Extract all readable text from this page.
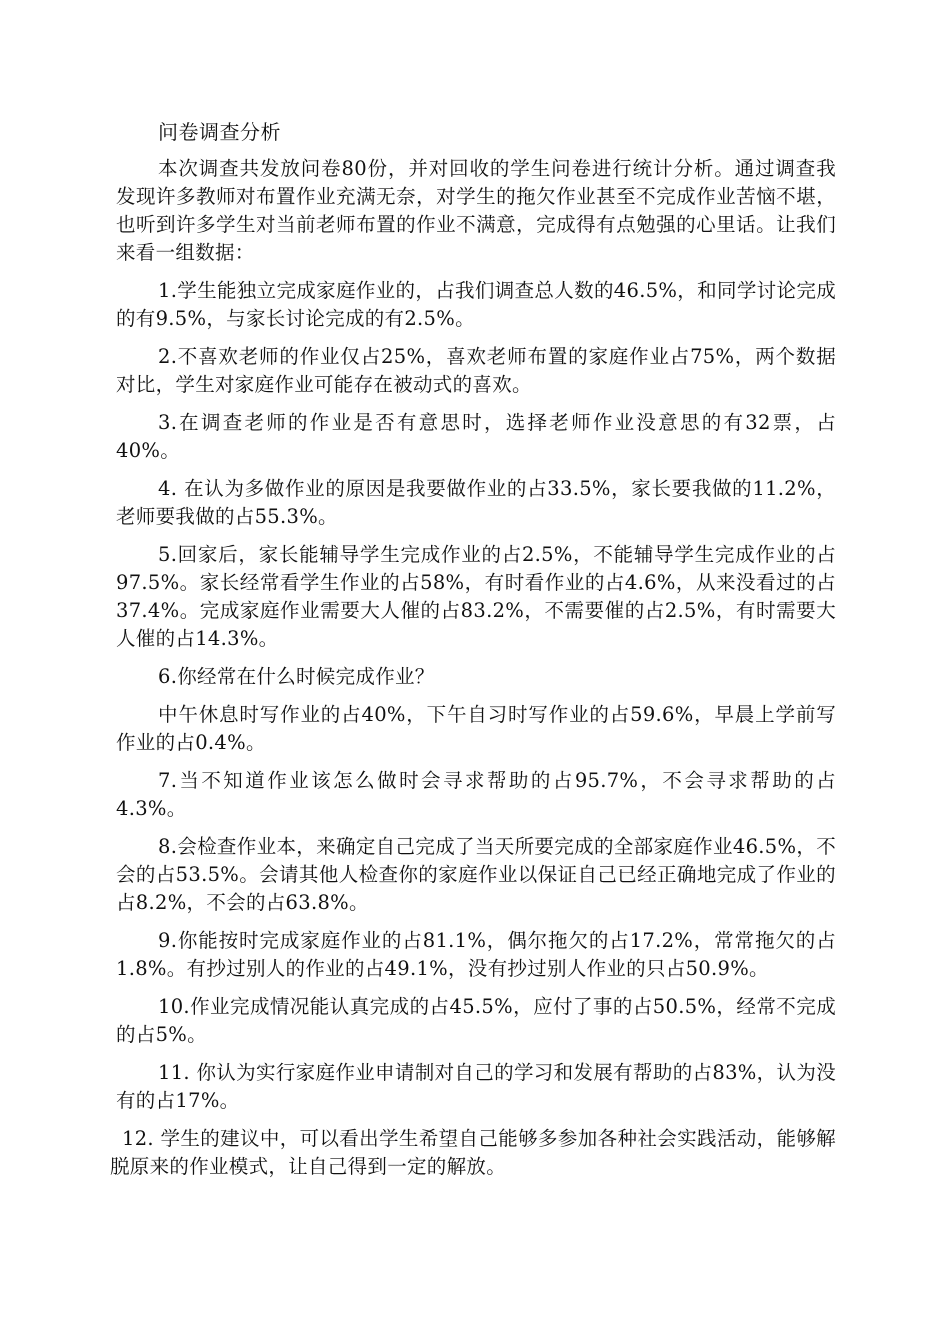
问卷调查分析

本次调查共发放问卷80份，并对回收的学生问卷进行统计分析。通过调查我发现许多教师对布置作业充满无奈，对学生的拖欠作业甚至不完成作业苦恼不堪，也听到许多学生对当前老师布置的作业不满意，完成得有点勉强的心里话。让我们来看一组数据：

1.学生能独立完成家庭作业的，占我们调查总人数的46.5%，和同学讨论完成的有9.5%，与家长讨论完成的有2.5%。

2.不喜欢老师的作业仅占25%，喜欢老师布置的家庭作业占75%，两个数据对比，学生对家庭作业可能存在被动式的喜欢。

3.在调查老师的作业是否有意思时，选择老师作业没意思的有32票，占40%。

4. 在认为多做作业的原因是我要做作业的占33.5%，家长要我做的11.2%，老师要我做的占55.3%。

5.回家后，家长能辅导学生完成作业的占2.5%，不能辅导学生完成作业的占97.5%。家长经常看学生作业的占58%，有时看作业的占4.6%，从来没看过的占37.4%。完成家庭作业需要大人催的占83.2%，不需要催的占2.5%，有时需要大人催的占14.3%。

6.你经常在什么时候完成作业？

中午休息时写作业的占40%，下午自习时写作业的占59.6%，早晨上学前写作业的占0.4%。

7.当不知道作业该怎么做时会寻求帮助的占95.7%，不会寻求帮助的占4.3%。

8.会检查作业本，来确定自己完成了当天所要完成的全部家庭作业46.5%，不会的占53.5%。会请其他人检查你的家庭作业以保证自己已经正确地完成了作业的占8.2%，不会的占63.8%。

9.你能按时完成家庭作业的占81.1%，偶尔拖欠的占17.2%，常常拖欠的占1.8%。有抄过别人的作业的占49.1%，没有抄过别人作业的只占50.9%。

10.作业完成情况能认真完成的占45.5%，应付了事的占50.5%，经常不完成的占5%。

11. 你认为实行家庭作业申请制对自己的学习和发展有帮助的占83%，认为没有的占17%。

12. 学生的建议中，可以看出学生希望自己能够多参加各种社会实践活动，能够解脱原来的作业模式，让自己得到一定的解放。
